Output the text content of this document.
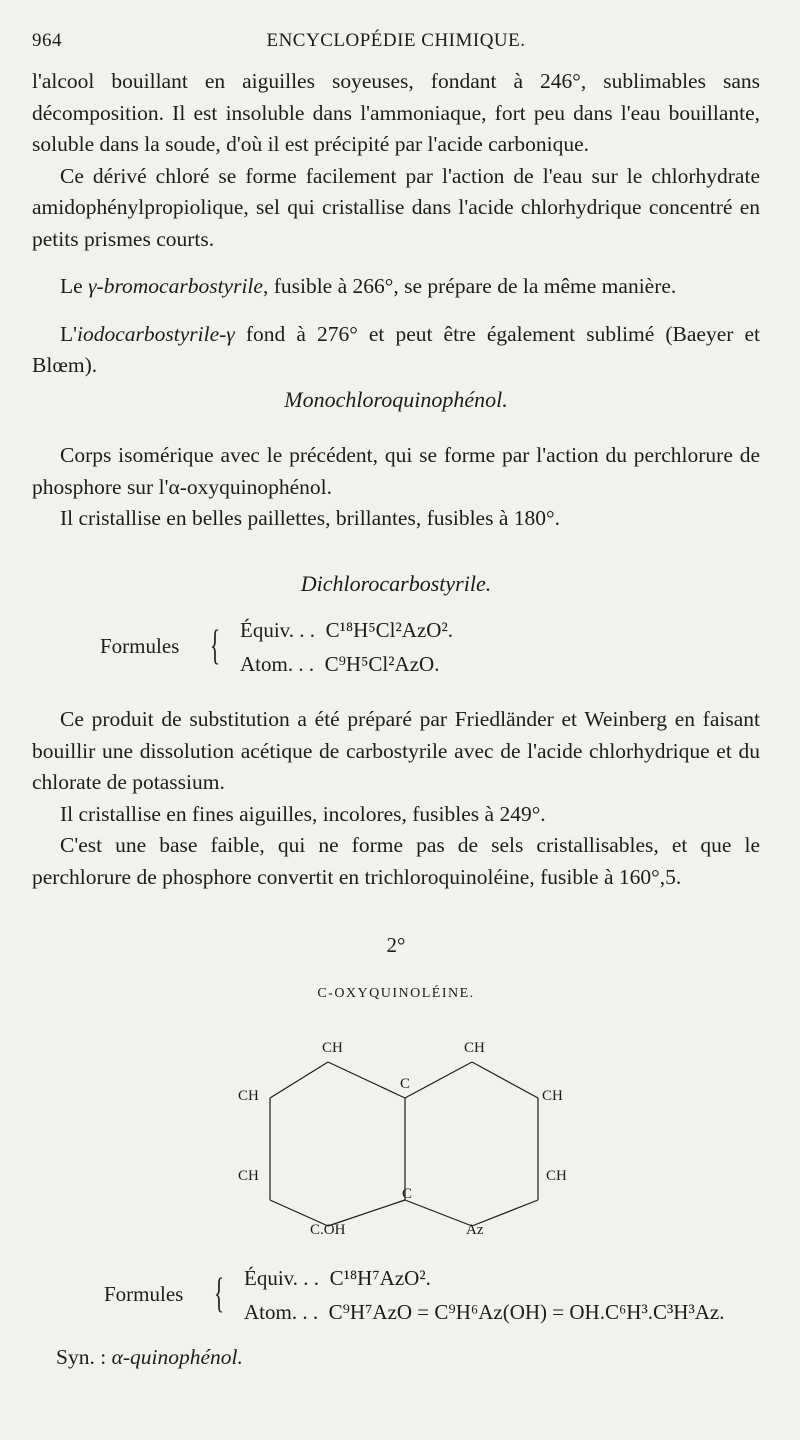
964	ENCYCLOPÉDIE CHIMIQUE.

l'alcool bouillant en aiguilles soyeuses, fondant à 246°, sublimables sans décomposition. Il est insoluble dans l'ammoniaque, fort peu dans l'eau bouillante, soluble dans la soude, d'où il est précipité par l'acide carbonique.

Ce dérivé chloré se forme facilement par l'action de l'eau sur le chlorhydrate amidophénylpropiolique, sel qui cristallise dans l'acide chlorhydrique concentré en petits prismes courts.

Le γ-bromocarbostyrile, fusible à 266°, se prépare de la même manière.

L'iodocarbostyrile-γ fond à 276° et peut être également sublimé (Baeyer et Blœm).

Monochloroquinophénol.

Corps isomérique avec le précédent, qui se forme par l'action du perchlorure de phosphore sur l'α-oxyquinophénol.

Il cristallise en belles paillettes, brillantes, fusibles à 180°.

Dichlorocarbostyrile.

Formules { Équiv. . . C¹⁸H⁵Cl²AzO².
Atom. . . C⁹H⁵Cl²AzO.

Ce produit de substitution a été préparé par Friedländer et Weinberg en faisant bouillir une dissolution acétique de carbostyrile avec de l'acide chlorhydrique et du chlorate de potassium.

Il cristallise en fines aiguilles, incolores, fusibles à 249°.

C'est une base faible, qui ne forme pas de sels cristallisables, et que le perchlorure de phosphore convertit en trichloroquinoléine, fusible à 160°,5.

2°

C-OXYQUINOLÉINE.

CH	CH
CH	CH
CH	CH
C
C
C.OH	Az
Formules { Équiv. . . C¹⁸H⁷AzO².
Atom. . . C⁹H⁷AzO = C⁹H⁶Az(OH) = OH.C⁶H³.C³H³Az.

Syn. : α-quinophénol.
